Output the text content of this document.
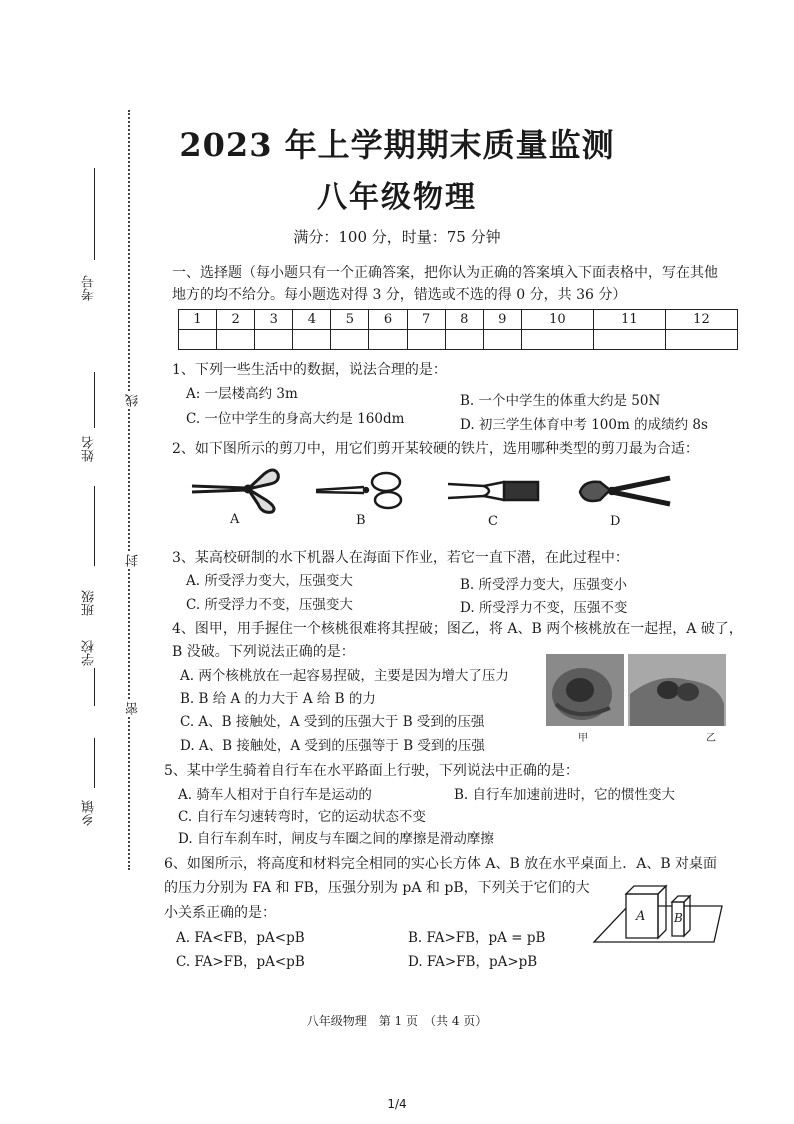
考号
姓名
班级
学校
乡镇
线
封
密
2023 年上学期期末质量监测
八年级物理
满分：100 分，时量：75 分钟
一、选择题（每小题只有一个正确答案，把你认为正确的答案填入下面表格中，写在其他
地方的均不给分。每小题选对得 3 分，错选或不选的得 0 分，共 36 分）
1	2	3	4	5	6	7	8	9	10	11	12

1、下列一些生活中的数据，说法合理的是：
A: 一层楼高约 3m	B. 一个中学生的体重大约是 50N
C. 一位中学生的身高大约是 160dm	D. 初三学生体育中考 100m 的成绩约 8s
2、如下图所示的剪刀中，用它们剪开某较硬的铁片，选用哪种类型的剪刀最为合适：
A	B	C	D
3、某高校研制的水下机器人在海面下作业，若它一直下潜，在此过程中：
A. 所受浮力变大，压强变大	B. 所受浮力变大，压强变小
C. 所受浮力不变，压强变大	D. 所受浮力不变，压强不变
4、图甲，用手握住一个核桃很难将其捏破；图乙，将 A、B 两个核桃放在一起捏，A 破了，
B 没破。下列说法正确的是：
A. 两个核桃放在一起容易捏破，主要是因为增大了压力
B. B 给 A 的力大于 A 给 B 的力
C. A、B 接触处，A 受到的压强大于 B 受到的压强
D. A、B 接触处，A 受到的压强等于 B 受到的压强	甲	乙
5、某中学生骑着自行车在水平路面上行驶，下列说法中正确的是：
A. 骑车人相对于自行车是运动的	B. 自行车加速前进时，它的惯性变大
C. 自行车匀速转弯时，它的运动状态不变
D. 自行车刹车时，闸皮与车圈之间的摩擦是滑动摩擦
6、如图所示，将高度和材料完全相同的实心长方体 A、B 放在水平桌面上．A、B 对桌面
的压力分别为 FA 和 FB，压强分别为 pA 和 pB，下列关于它们的大
小关系正确的是：
A. FA<FB，pA<pB	B. FA>FB，pA = pB
C. FA>FB，pA<pB	D. FA>FB，pA>pB
A B
八年级物理　第 1 页　（共 4 页）
1/4
